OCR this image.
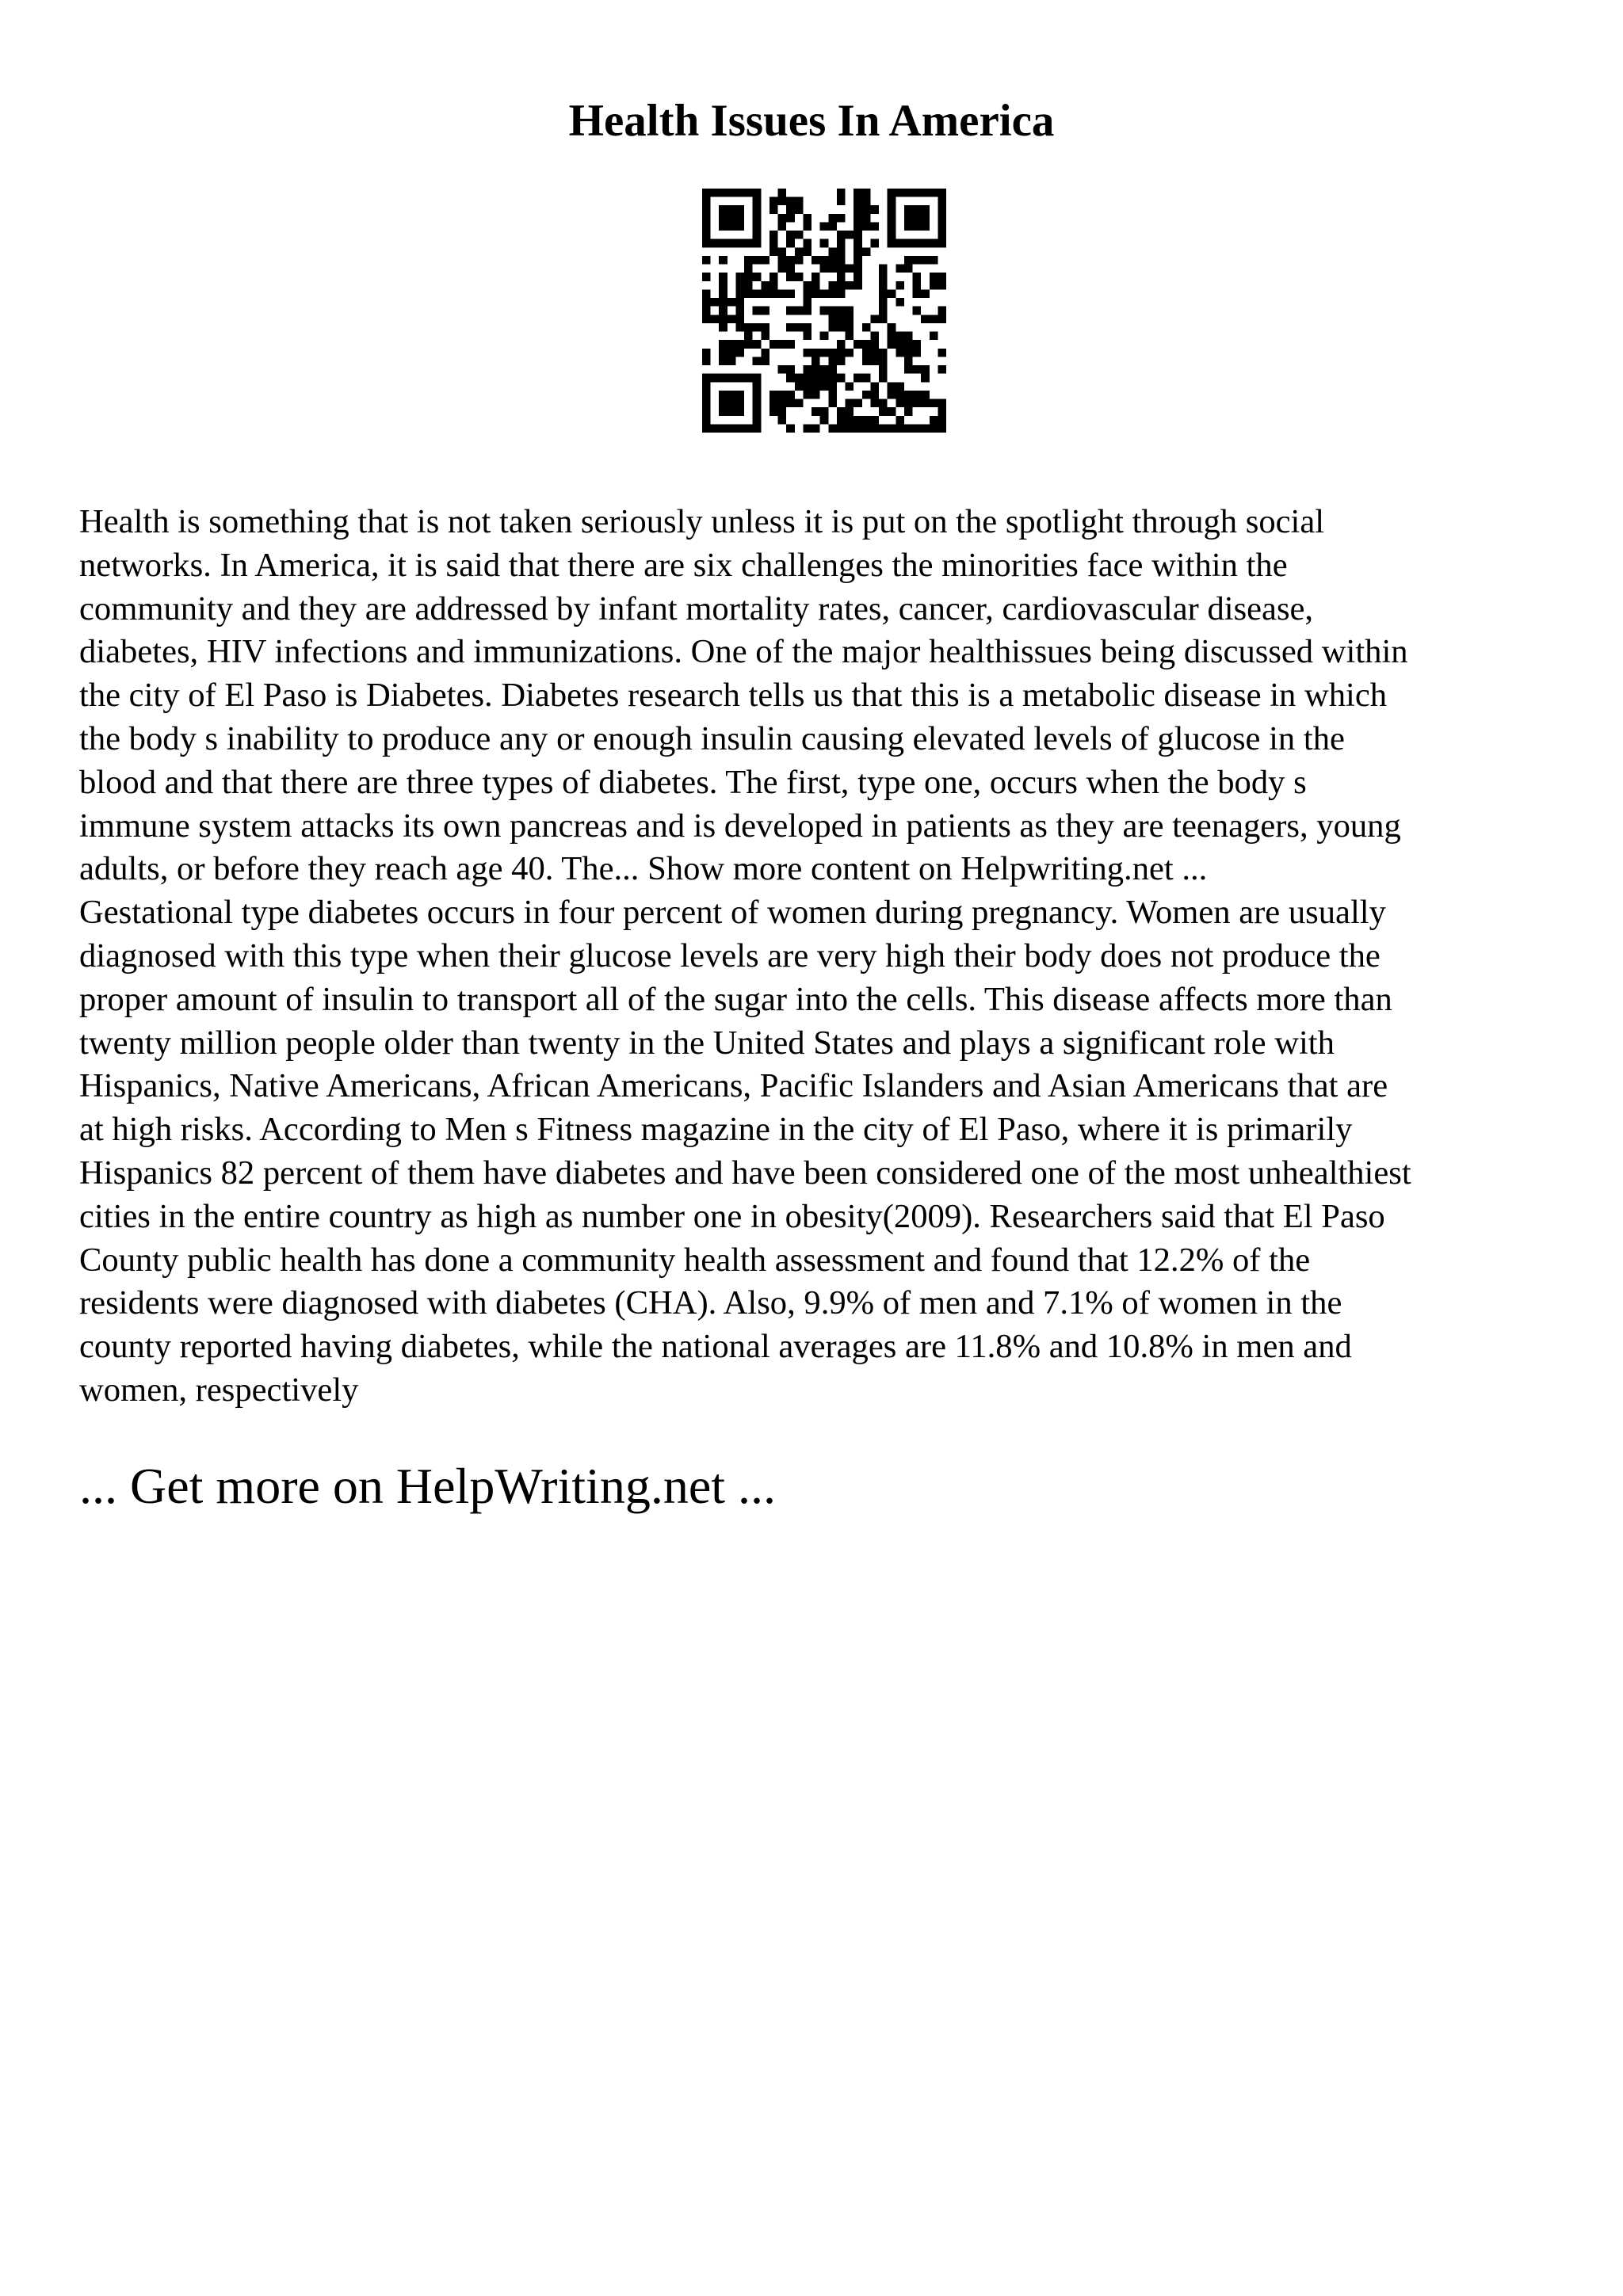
Health Issues In America

Health is something that is not taken seriously unless it is put on the spotlight through social
networks. In America, it is said that there are six challenges the minorities face within the
community and they are addressed by infant mortality rates, cancer, cardiovascular disease,
diabetes, HIV infections and immunizations. One of the major healthissues being discussed within
the city of El Paso is Diabetes. Diabetes research tells us that this is a metabolic disease in which
the body s inability to produce any or enough insulin causing elevated levels of glucose in the
blood and that there are three types of diabetes. The first, type one, occurs when the body s
immune system attacks its own pancreas and is developed in patients as they are teenagers, young
adults, or before they reach age 40. The... Show more content on Helpwriting.net ...
Gestational type diabetes occurs in four percent of women during pregnancy. Women are usually
diagnosed with this type when their glucose levels are very high their body does not produce the
proper amount of insulin to transport all of the sugar into the cells. This disease affects more than
twenty million people older than twenty in the United States and plays a significant role with
Hispanics, Native Americans, African Americans, Pacific Islanders and Asian Americans that are
at high risks. According to Men s Fitness magazine in the city of El Paso, where it is primarily
Hispanics 82 percent of them have diabetes and have been considered one of the most unhealthiest
cities in the entire country as high as number one in obesity(2009). Researchers said that El Paso
County public health has done a community health assessment and found that 12.2% of the
residents were diagnosed with diabetes (CHA). Also, 9.9% of men and 7.1% of women in the
county reported having diabetes, while the national averages are 11.8% and 10.8% in men and
women, respectively

... Get more on HelpWriting.net ...
